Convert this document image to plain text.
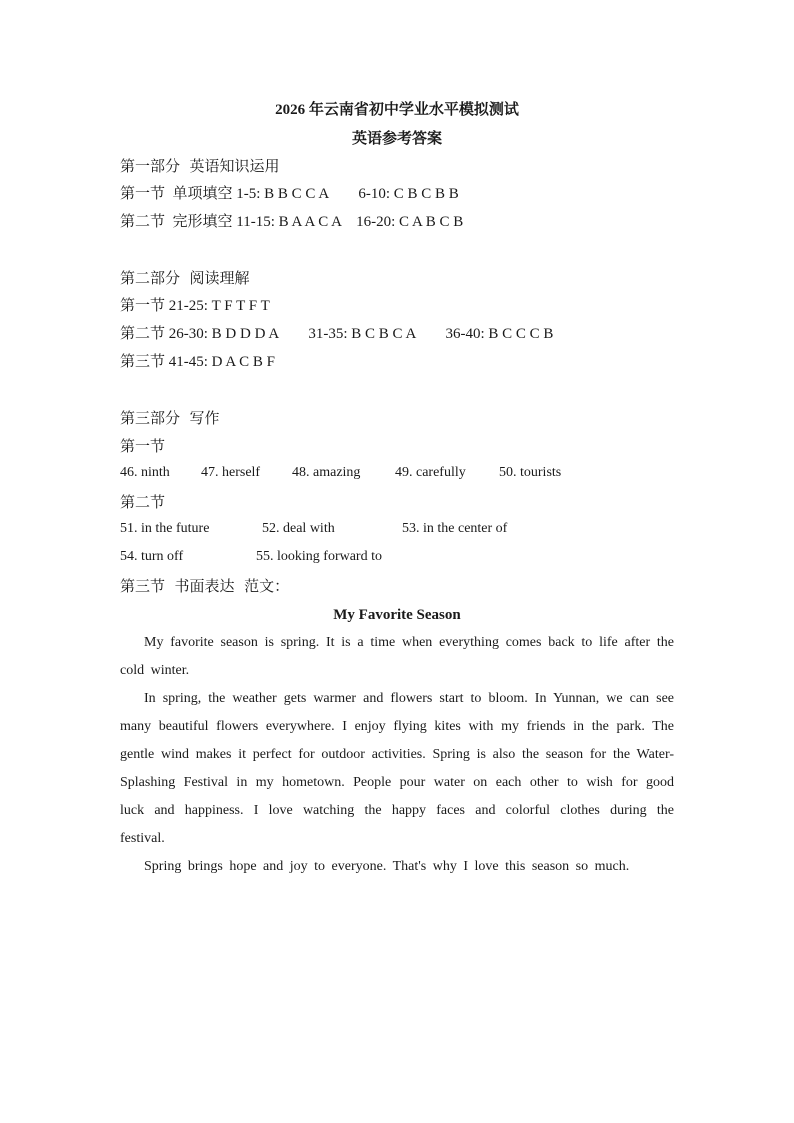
2026 年云南省初中学业水平模拟测试
英语参考答案
第一部分  英语知识运用
第一节  单项填空 1-5: B B C C A        6-10: C B C B B
第二节  完形填空 11-15: B A A C A    16-20: C A B C B
第二部分  阅读理解
第一节 21-25: T F T F T
第二节 26-30: B D D D A        31-35: B C B C A        36-40: B C C C B
第三节 41-45: D A C B F
第三部分  写作
第一节
46. ninth 47. herself 48. amazing 49. carefully 50. tourists
第二节
51. in the future	52. deal with	53. in the center of
54. turn off	55. looking forward to
第三节  书面表达  范文：
My Favorite Season
My favorite season is spring. It is a time when everything comes back to life after the cold winter.
In spring, the weather gets warmer and flowers start to bloom. In Yunnan, we can see many beautiful flowers everywhere. I enjoy flying kites with my friends in the park. The gentle wind makes it perfect for outdoor activities. Spring is also the season for the Water-Splashing Festival in my hometown. People pour water on each other to wish for good luck and happiness. I love watching the happy faces and colorful clothes during the festival.
Spring brings hope and joy to everyone. That's why I love this season so much.
